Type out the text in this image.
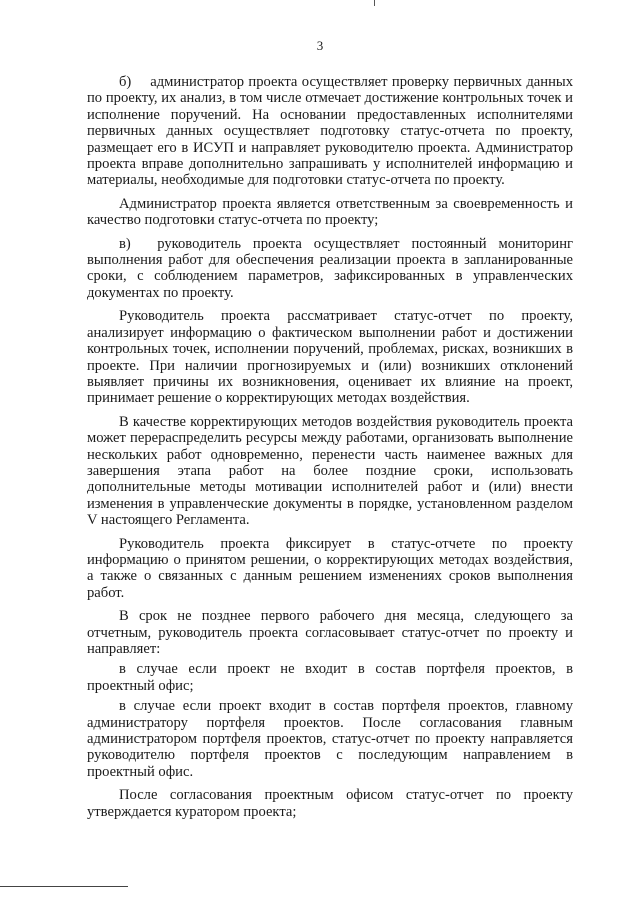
3

б)  администратор проекта осуществляет проверку первичных данных по проекту, их анализ, в том числе отмечает достижение контрольных точек и исполнение поручений. На основании предоставленных исполнителями первичных данных осуществляет подготовку статус-отчета по проекту, размещает его в ИСУП и направляет руководителю проекта. Администратор проекта вправе дополнительно запрашивать у исполнителей информацию и материалы, необходимые для подготовки статус-отчета по проекту.

Администратор проекта является ответственным за своевременность и качество подготовки статус-отчета по проекту;

в)  руководитель проекта осуществляет постоянный мониторинг выполнения работ для обеспечения реализации проекта в запланированные сроки, с соблюдением параметров, зафиксированных в управленческих документах по проекту.

Руководитель проекта рассматривает статус-отчет по проекту, анализирует информацию о фактическом выполнении работ и достижении контрольных точек, исполнении поручений, проблемах, рисках, возникших в проекте. При наличии прогнозируемых и (или) возникших отклонений выявляет причины их возникновения, оценивает их влияние на проект, принимает решение о корректирующих методах воздействия.

В качестве корректирующих методов воздействия руководитель проекта может перераспределить ресурсы между работами, организовать выполнение нескольких работ одновременно, перенести часть наименее важных для завершения этапа работ на более поздние сроки, использовать дополнительные методы мотивации исполнителей работ и (или) внести изменения в управленческие документы в порядке, установленном разделом V настоящего Регламента.

Руководитель проекта фиксирует в статус-отчете по проекту информацию о принятом решении, о корректирующих методах воздействия, а также о связанных с данным решением изменениях сроков выполнения работ.

В срок не позднее первого рабочего дня месяца, следующего за отчетным, руководитель проекта согласовывает статус-отчет по проекту и направляет:

в случае если проект не входит в состав портфеля проектов, в проектный офис;

в случае если проект входит в состав портфеля проектов, главному администратору портфеля проектов. После согласования главным администратором портфеля проектов, статус-отчет по проекту направляется руководителю портфеля проектов с последующим направлением в проектный офис.

После согласования проектным офисом статус-отчет по проекту утверждается куратором проекта;
